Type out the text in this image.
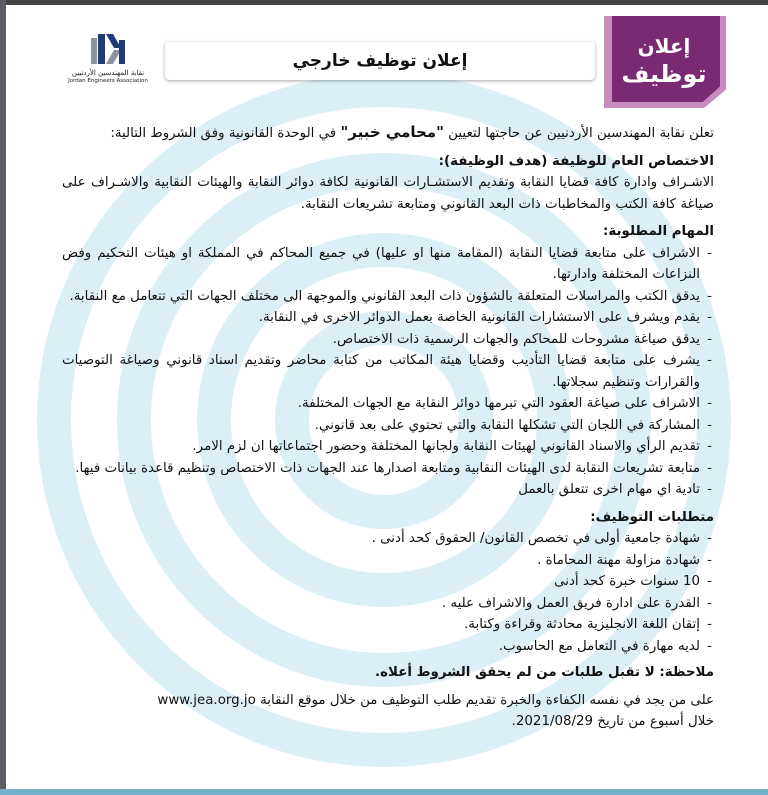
نقابة المهندسين الأردنيين
Jordan Engineers Association
إعلان توظيف خارجي
إعلان
توظيف

تعلن نقابة المهندسين الأردنيين عن حاجتها لتعيين "محامي خبير" في الوحدة القانونية وفق الشروط التالية:

الاختصاص العام للوظيفة (هدف الوظيفة):

الاشـراف وادارة كافة قضايا النقابة وتقديم الاستشـارات القانونية لكافة دوائر النقابة والهيئات النقابية والاشـراف على صياغة كافة الكتب والمخاطبات ذات البعد القانوني ومتابعة تشريعات النقابة.

المهام المطلوبة:

- الاشراف على متابعة قضايا النقابة (المقامة منها او عليها) في جميع المحاكم في المملكة او هيئات التحكيم وفض النزاعات المختلفة وادارتها.
- يدقق الكتب والمراسلات المتعلقة بالشؤون ذات البعد القانوني والموجهة الى مختلف الجهات التي تتعامل مع النقابة.
- يقدم ويشرف على الاستشارات القانونية الخاصة بعمل الدوائر الاخرى في النقابة.
- يدقق صياغة مشروحات للمحاكم والجهات الرسمية ذات الاختصاص.
- يشرف على متابعة قضايا التأديب وقضايا هيئة المكاتب من كتابة محاضر وتقديم اسناد قانوني وصياغة التوصيات والقرارات وتنظيم سجلاتها.
- الاشراف على صياغة العقود التي تبرمها دوائر النقابة مع الجهات المختلفة.
- المشاركة في اللجان التي تشكلها النقابة والتي تحتوي على بعد قانوني.
- تقديم الرأي والاسناد القانوني لهيئات النقابة ولجانها المختلفة وحضور اجتماعاتها ان لزم الامر.
- متابعة تشريعات النقابة لدى الهيئات النقابية ومتابعة اصدارها عند الجهات ذات الاختصاص وتنظيم قاعدة بيانات فيها.
- تادية اي مهام اخرى تتعلق بالعمل

متطلبات التوظيف:

- شهادة جامعية أولى في تخصص القانون/ الحقوق كحد أدنى .
- شهادة مزاولة مهنة المحاماة .
- 10 سنوات خبرة كحد أدنى
- القدرة على ادارة فريق العمل والاشراف عليه .
- إتقان اللغة الانجليزية محادثة وقراءة وكتابة.
- لديه مهارة في التعامل مع الحاسوب.

ملاحظة: لا تقبل طلبات من لم يحقق الشروط أعلاه.

على من يجد في نفسه الكفاءة والخبرة تقديم طلب التوظيف من خلال موقع النقابة www.jea.org.jo

خلال أسبوع من تاريخ 2021/08/29.
